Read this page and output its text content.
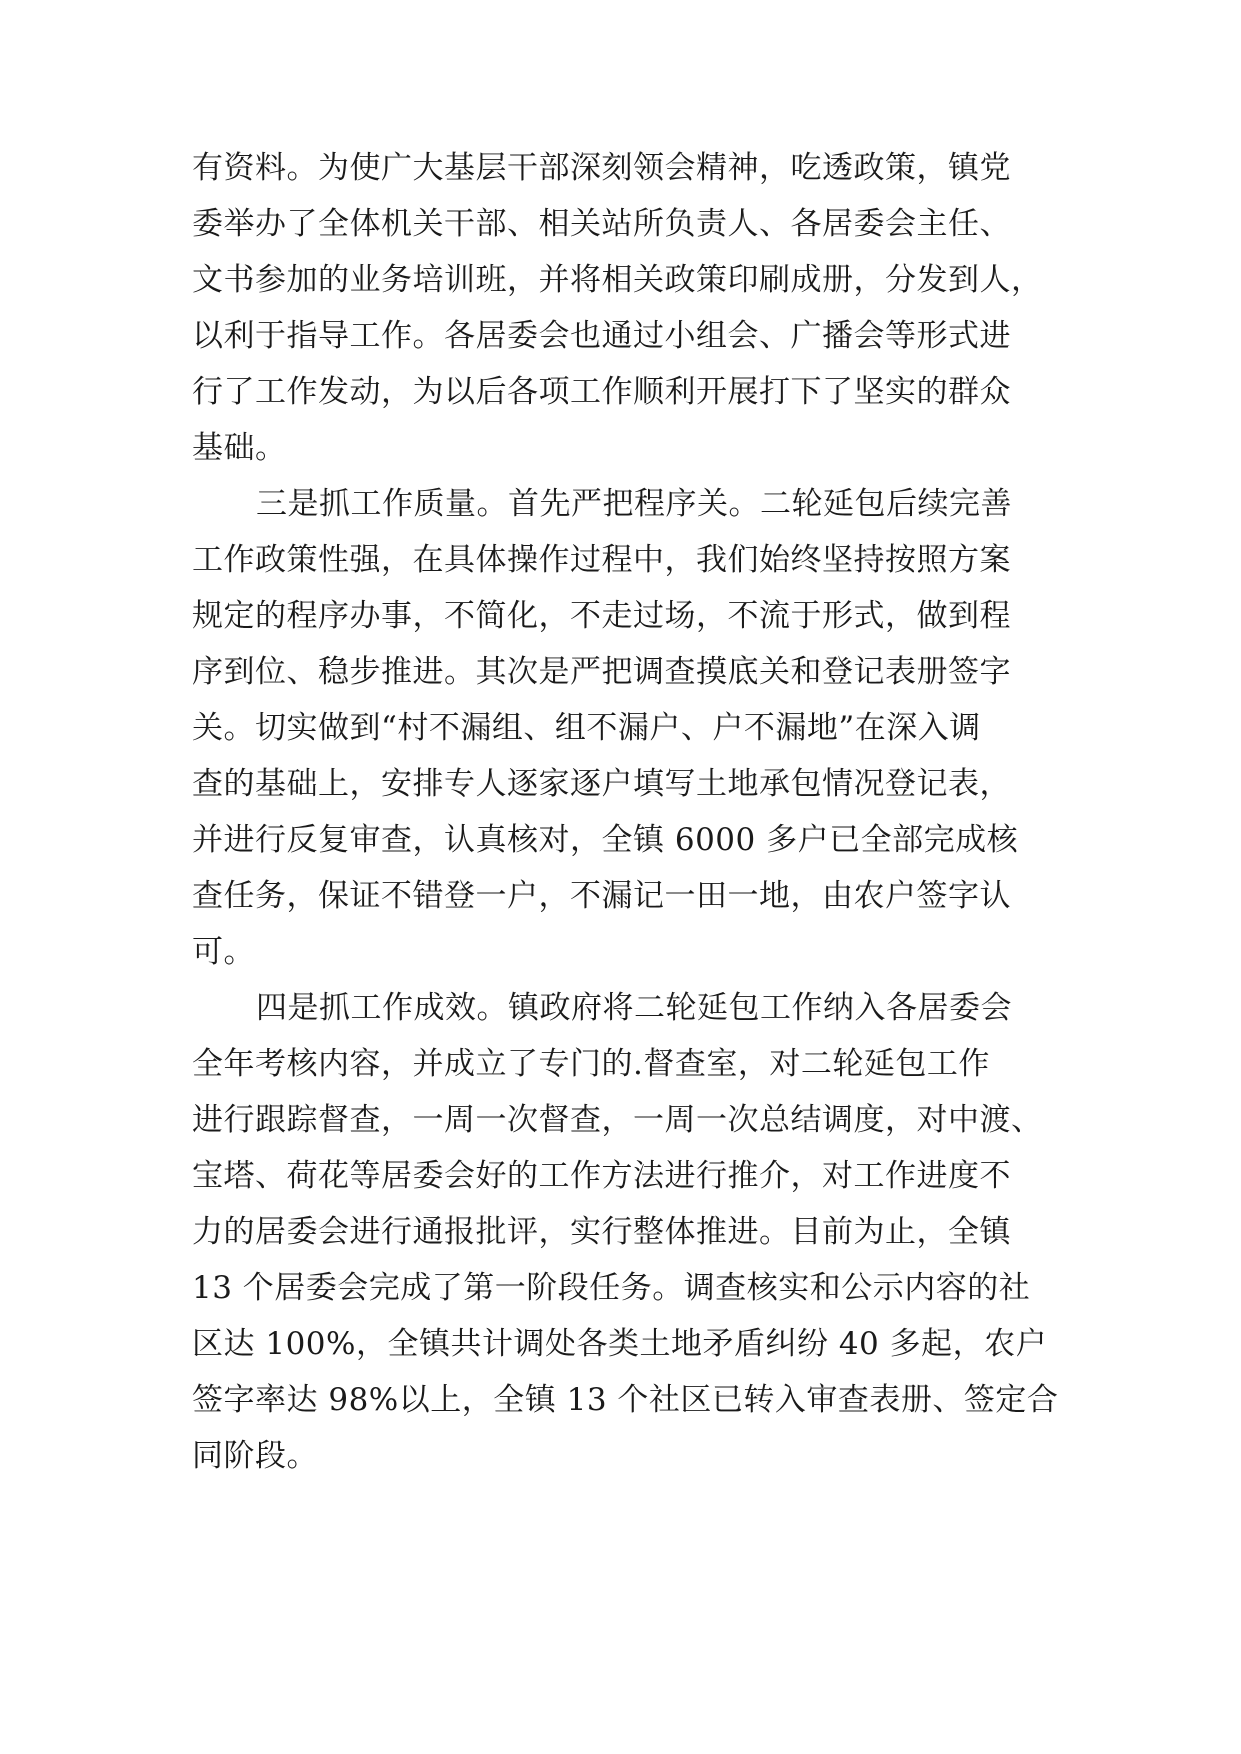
有资料。为使广大基层干部深刻领会精神，吃透政策，镇党
委举办了全体机关干部、相关站所负责人、各居委会主任、
文书参加的业务培训班，并将相关政策印刷成册，分发到人，
以利于指导工作。各居委会也通过小组会、广播会等形式进
行了工作发动，为以后各项工作顺利开展打下了坚实的群众
基础。
三是抓工作质量。首先严把程序关。二轮延包后续完善
工作政策性强，在具体操作过程中，我们始终坚持按照方案
规定的程序办事，不简化，不走过场，不流于形式，做到程
序到位、稳步推进。其次是严把调查摸底关和登记表册签字
关。切实做到“村不漏组、组不漏户、户不漏地”在深入调
查的基础上，安排专人逐家逐户填写土地承包情况登记表，
并进行反复审查，认真核对，全镇 6000 多户已全部完成核
查任务，保证不错登一户，不漏记一田一地，由农户签字认
可。
四是抓工作成效。镇政府将二轮延包工作纳入各居委会
全年考核内容，并成立了专门的.督查室，对二轮延包工作
进行跟踪督查，一周一次督查，一周一次总结调度，对中渡、
宝塔、荷花等居委会好的工作方法进行推介，对工作进度不
力的居委会进行通报批评，实行整体推进。目前为止，全镇
13 个居委会完成了第一阶段任务。调查核实和公示内容的社
区达 100%，全镇共计调处各类土地矛盾纠纷 40 多起，农户
签字率达 98%以上，全镇 13 个社区已转入审查表册、签定合
同阶段。
